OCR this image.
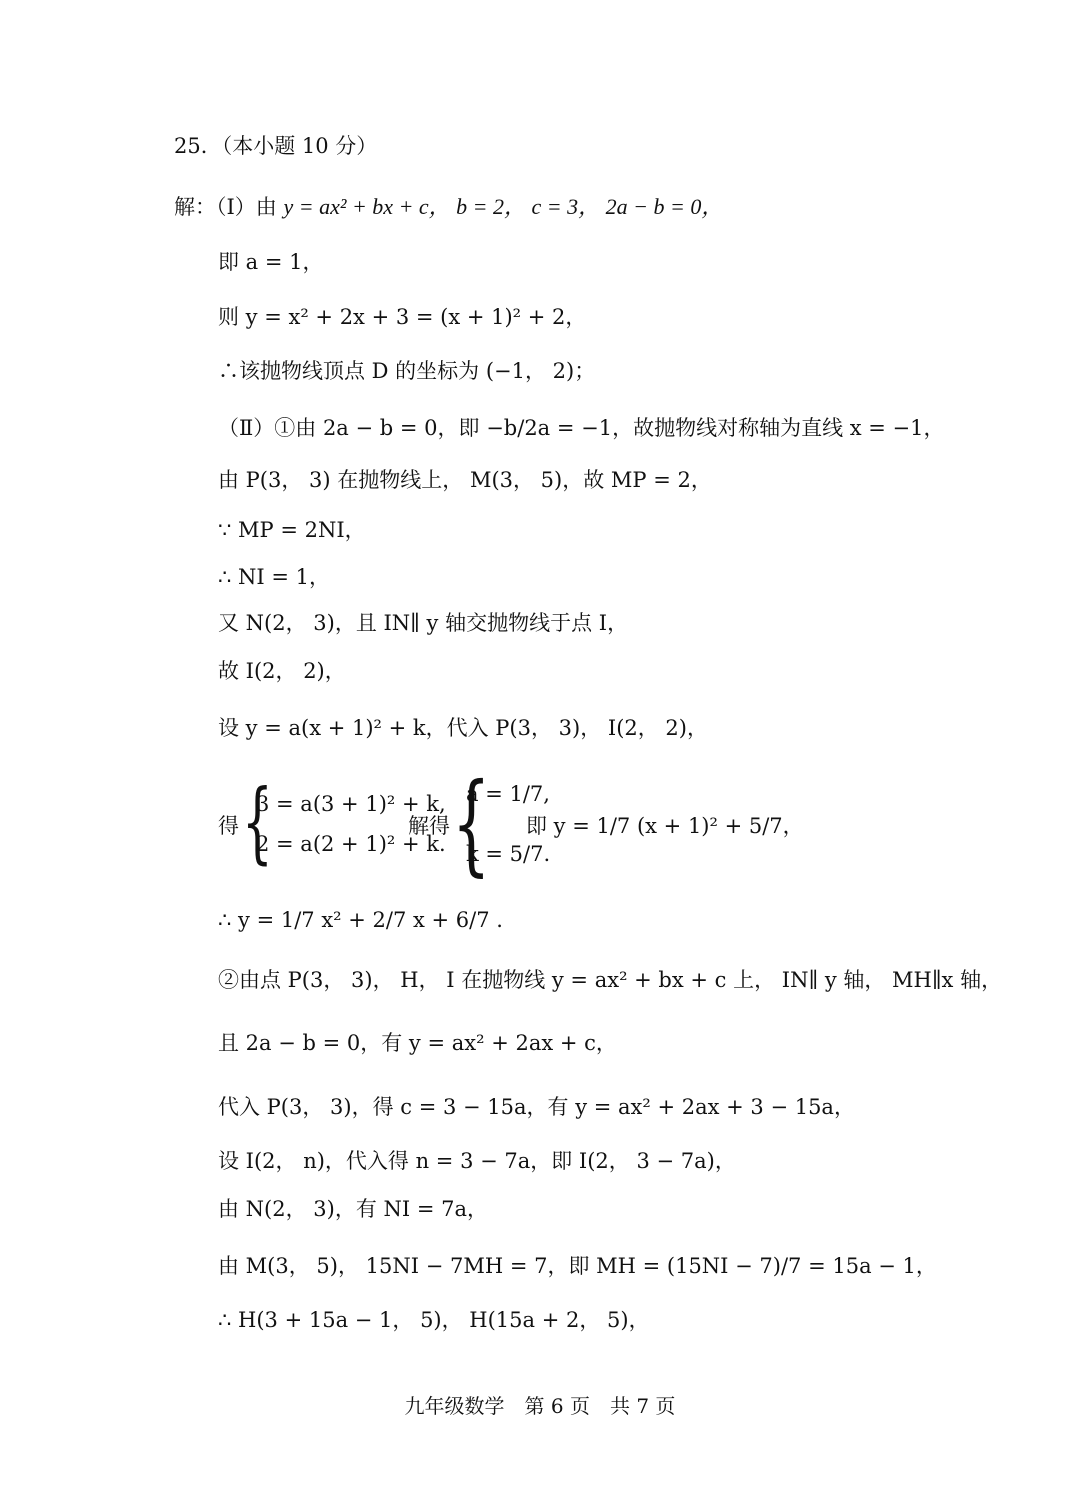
25．（本小题 10 分）
解：（Ⅰ）由 y = ax² + bx + c， b = 2， c = 3， 2a − b = 0，
即 a = 1，
则 y = x² + 2x + 3 = (x + 1)² + 2，
∴该抛物线顶点 D 的坐标为 (−1， 2)；
（Ⅱ）①由 2a − b = 0，即 −b/2a = −1，故抛物线对称轴为直线 x = −1，
由 P(3， 3) 在抛物线上， M(3， 5)，故 MP = 2，
∵ MP = 2NI，
∴ NI = 1，
又 N(2， 3)，且 IN∥ y 轴交抛物线于点 I，
故 I(2， 2)，
设 y = a(x + 1)² + k，代入 P(3， 3)， I(2， 2)，
得 {
3 = a(3 + 1)² + k,
2 = a(2 + 1)² + k.
解得 {
a = 1/7,
k = 5/7.
即 y = 1/7 (x + 1)² + 5/7，
∴ y = 1/7 x² + 2/7 x + 6/7 .
②由点 P(3， 3)， H， I 在抛物线 y = ax² + bx + c 上， IN∥ y 轴， MH∥x 轴，
且 2a − b = 0，有 y = ax² + 2ax + c，
代入 P(3， 3)，得 c = 3 − 15a，有 y = ax² + 2ax + 3 − 15a，
设 I(2， n)，代入得 n = 3 − 7a，即 I(2， 3 − 7a)，
由 N(2， 3)，有 NI = 7a，
由 M(3， 5)， 15NI − 7MH = 7，即 MH = (15NI − 7)/7 = 15a − 1，
∴ H(3 + 15a − 1， 5)， H(15a + 2， 5)，
九年级数学　第 6 页　共 7 页
